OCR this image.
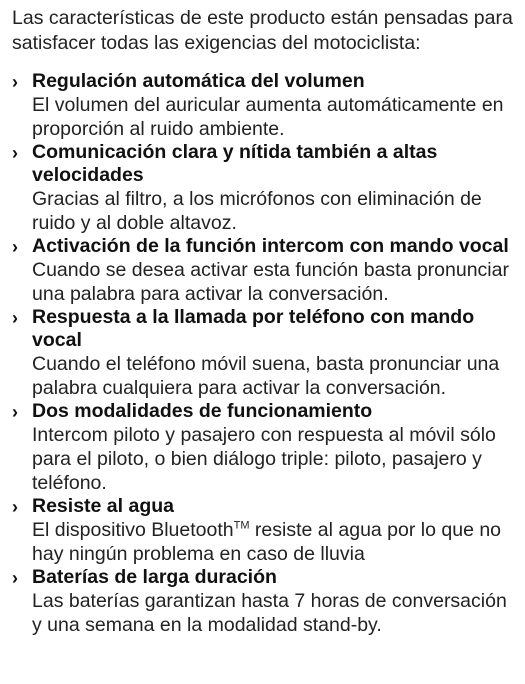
Las características de este producto están pensadas para satisfacer todas las exigencias del motociclista:

› Regulación automática del volumen
El volumen del auricular aumenta automáticamente en proporción al ruido ambiente.
› Comunicación clara y nítida también a altas velocidades
Gracias al filtro, a los micrófonos con eliminación de ruido y al doble altavoz.
› Activación de la función intercom con mando vocal
Cuando se desea activar esta función basta pronunciar una palabra para activar la conversación.
› Respuesta a la llamada por teléfono con mando vocal
Cuando el teléfono móvil suena, basta pronunciar una palabra cualquiera para activar la conversación.
› Dos modalidades de funcionamiento
Intercom piloto y pasajero con respuesta al móvil sólo para el piloto, o bien diálogo triple: piloto, pasajero y teléfono.
› Resiste al agua
El dispositivo Bluetooth™ resiste al agua por lo que no hay ningún problema en caso de lluvia
› Baterías de larga duración
Las baterías garantizan hasta 7 horas de conversación y una semana en la modalidad stand-by.
